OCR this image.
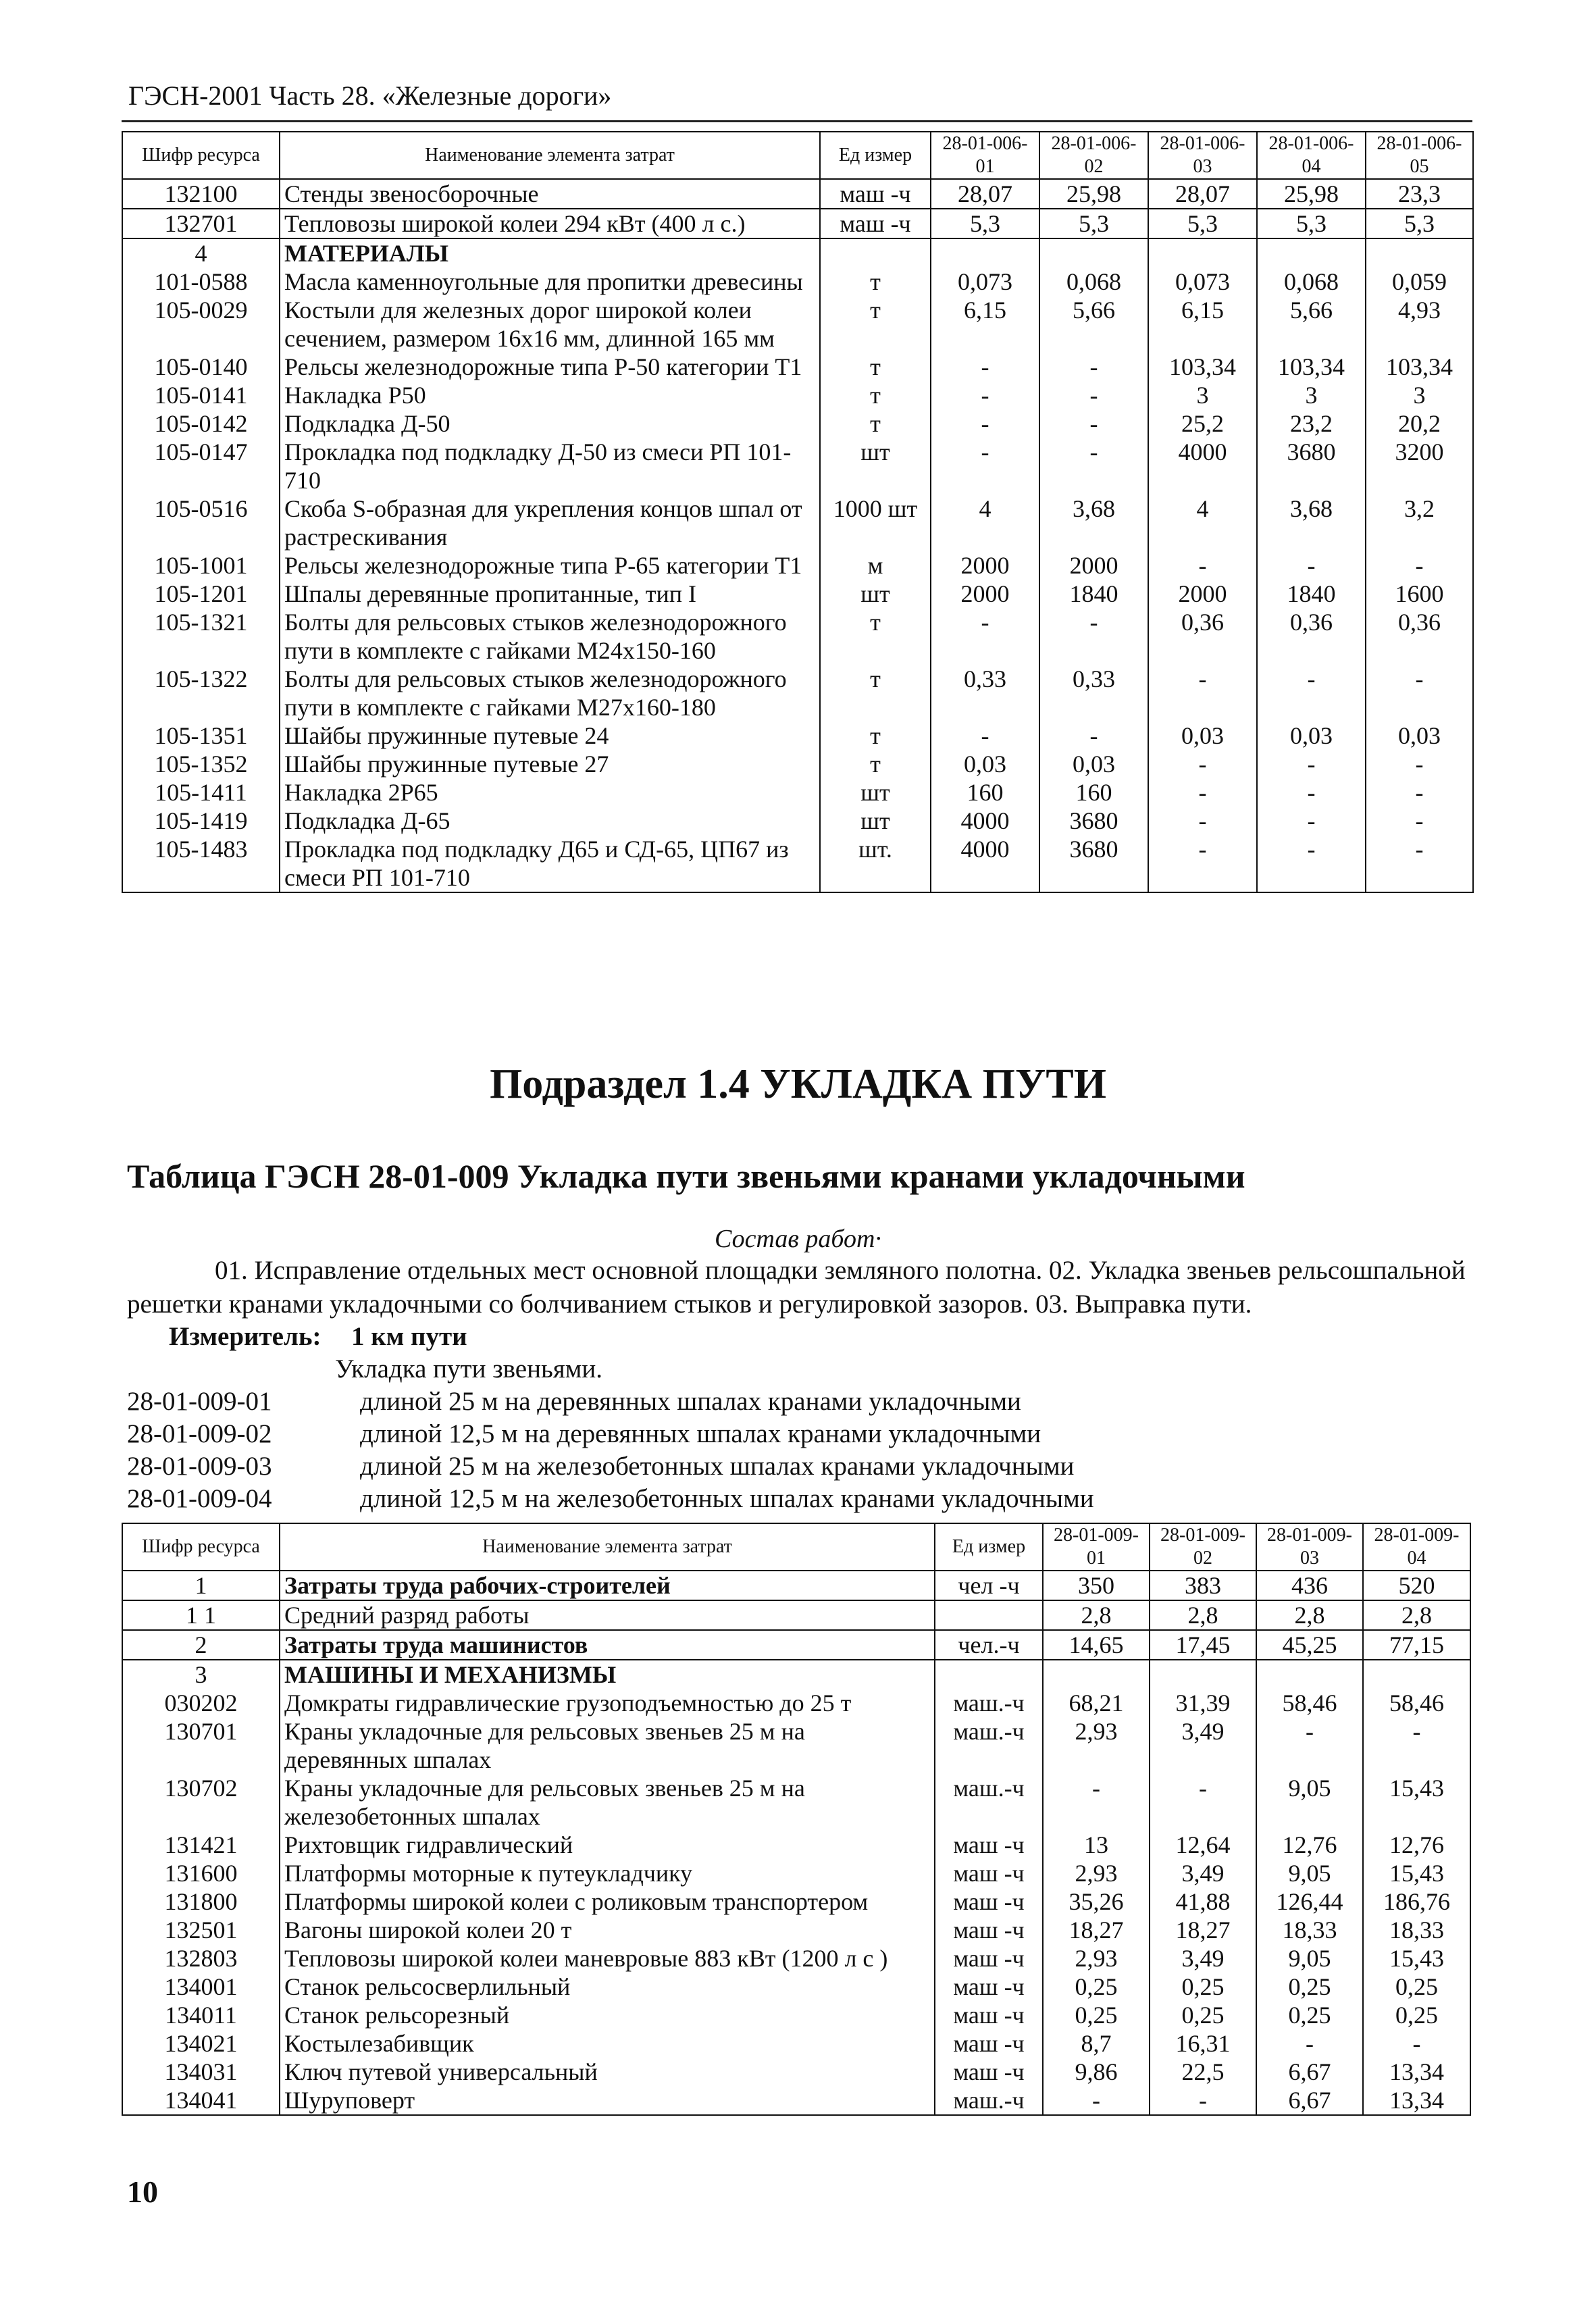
ГЭСН-2001 Часть 28. «Железные дороги»
Шифр ресурса	Наименование элемента затрат	Ед измер	28-01-006-01	28-01-006-02	28-01-006-03	28-01-006-04	28-01-006-05
132100	Стенды звеносборочные	маш -ч	28,07	25,98	28,07	25,98	23,3
132701	Тепловозы широкой колеи 294 кВт (400 л с.)	маш -ч	5,3	5,3	5,3	5,3	5,3
4	МАТЕРИАЛЫ						
101-0588	Масла каменноугольные для пропитки древесины	т	0,073	0,068	0,073	0,068	0,059
105-0029	Костыли для железных дорог широкой колеи сечением, размером 16х16 мм, длинной 165 мм	т	6,15	5,66	6,15	5,66	4,93
105-0140	Рельсы железнодорожные типа Р-50 категории Т1	т	-	-	103,34	103,34	103,34
105-0141	Накладка Р50	т	-	-	3	3	3
105-0142	Подкладка Д-50	т	-	-	25,2	23,2	20,2
105-0147	Прокладка под подкладку Д-50 из смеси РП 101-710	шт	-	-	4000	3680	3200
105-0516	Скоба S-образная для укрепления концов шпал от растрескивания	1000 шт	4	3,68	4	3,68	3,2
105-1001	Рельсы железнодорожные типа Р-65 категории Т1	м	2000	2000	-	-	-
105-1201	Шпалы деревянные пропитанные, тип I	шт	2000	1840	2000	1840	1600
105-1321	Болты для рельсовых стыков железнодорожного пути в комплекте с гайками М24х150-160	т	-	-	0,36	0,36	0,36
105-1322	Болты для рельсовых стыков железнодорожного пути в комплекте с гайками М27х160-180	т	0,33	0,33	-	-	-
105-1351	Шайбы пружинные путевые 24	т	-	-	0,03	0,03	0,03
105-1352	Шайбы пружинные путевые 27	т	0,03	0,03	-	-	-
105-1411	Накладка 2Р65	шт	160	160	-	-	-
105-1419	Подкладка Д-65	шт	4000	3680	-	-	-
105-1483	Прокладка под подкладку Д65 и СД-65, ЦП67 из смеси РП 101-710	шт.	4000	3680	-	-	-
Подраздел 1.4 УКЛАДКА ПУТИ
Таблица ГЭСН 28-01-009 Укладка пути звеньями кранами укладочными
Состав работ·
01. Исправление отдельных мест основной площадки земляного полотна. 02. Укладка звеньев рельсошпальной решетки кранами укладочными со болчиванием стыков и регулировкой зазоров. 03. Выправка пути.
Измеритель: 1 км пути
Укладка пути звеньями.
28-01-009-01	длиной 25 м на деревянных шпалах кранами укладочными
28-01-009-02	длиной 12,5 м на деревянных шпалах кранами укладочными
28-01-009-03	длиной 25 м на железобетонных шпалах кранами укладочными
28-01-009-04	длиной 12,5 м на железобетонных шпалах кранами укладочными
Шифр ресурса	Наименование элемента затрат	Ед измер	28-01-009-01	28-01-009-02	28-01-009-03	28-01-009-04
1	Затраты труда рабочих-строителей	чел -ч	350	383	436	520
1 1	Средний разряд работы		2,8	2,8	2,8	2,8
2	Затраты труда машинистов	чел.-ч	14,65	17,45	45,25	77,15
3	МАШИНЫ И МЕХАНИЗМЫ					
030202	Домкраты гидравлические грузоподъемностью до 25 т	маш.-ч	68,21	31,39	58,46	58,46
130701	Краны укладочные для рельсовых звеньев 25 м на деревянных шпалах	маш.-ч	2,93	3,49	-	-
130702	Краны укладочные для рельсовых звеньев 25 м на железобетонных шпалах	маш.-ч	-	-	9,05	15,43
131421	Рихтовщик гидравлический	маш -ч	13	12,64	12,76	12,76
131600	Платформы моторные к путеукладчику	маш -ч	2,93	3,49	9,05	15,43
131800	Платформы широкой колеи с роликовым транспортером	маш -ч	35,26	41,88	126,44	186,76
132501	Вагоны широкой колеи 20 т	маш -ч	18,27	18,27	18,33	18,33
132803	Тепловозы широкой колеи маневровые 883 кВт (1200 л с )	маш -ч	2,93	3,49	9,05	15,43
134001	Станок рельсосверлильный	маш -ч	0,25	0,25	0,25	0,25
134011	Станок рельсорезный	маш -ч	0,25	0,25	0,25	0,25
134021	Костылезабивщик	маш -ч	8,7	16,31	-	-
134031	Ключ путевой универсальный	маш -ч	9,86	22,5	6,67	13,34
134041	Шуруповерт	маш.-ч	-	-	6,67	13,34
10
